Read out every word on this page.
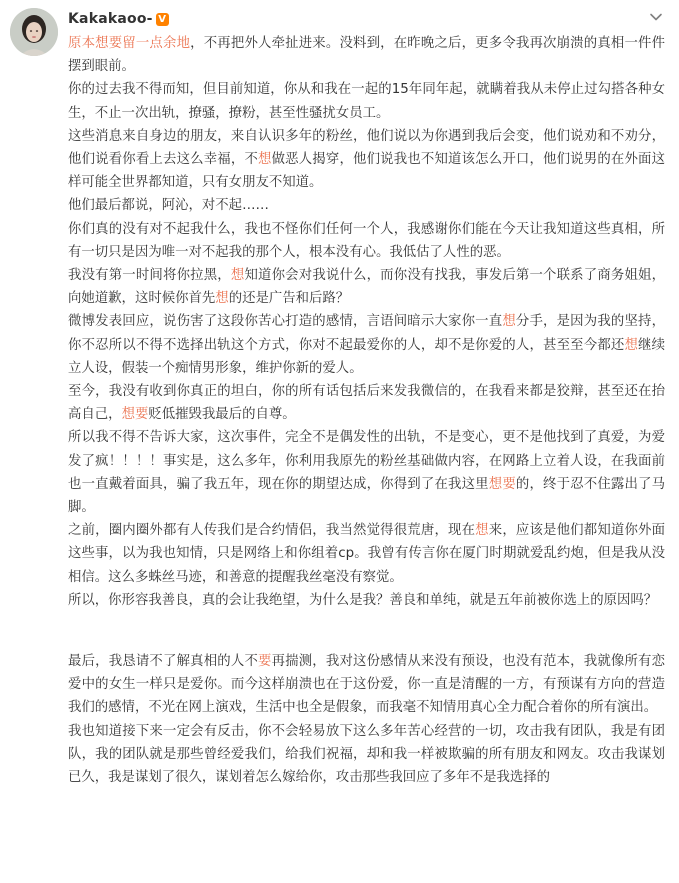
Kakakaoo- V

原本想要留一点余地，不再把外人牵扯进来。没料到，在昨晚之后，更多令我再次崩溃的真相一件件摆到眼前。

你的过去我不得而知，但目前知道，你从和我在一起的15年同年起，就瞒着我从未停止过勾搭各种女生，不止一次出轨，撩骚，撩粉，甚至性骚扰女员工。

这些消息来自身边的朋友，来自认识多年的粉丝，他们说以为你遇到我后会变，他们说劝和不劝分，他们说看你看上去这么幸福，不想做恶人揭穿，他们说我也不知道该怎么开口，他们说男的在外面这样可能全世界都知道，只有女朋友不知道。

他们最后都说，阿沁，对不起……

你们真的没有对不起我什么，我也不怪你们任何一个人，我感谢你们能在今天让我知道这些真相，所有一切只是因为唯一对不起我的那个人，根本没有心。我低估了人性的恶。

我没有第一时间将你拉黑，想知道你会对我说什么，而你没有找我，事发后第一个联系了商务姐姐，向她道歉，这时候你首先想的还是广告和后路？

微博发表回应，说伤害了这段你苦心打造的感情，言语间暗示大家你一直想分手，是因为我的坚持，你不忍所以不得不选择出轨这个方式，你对不起最爱你的人，却不是你爱的人，甚至至今都还想继续立人设，假装一个痴情男形象，维护你新的爱人。

至今，我没有收到你真正的坦白，你的所有话包括后来发我微信的，在我看来都是狡辩，甚至还在抬高自己，想要贬低摧毁我最后的自尊。

所以我不得不告诉大家，这次事件，完全不是偶发性的出轨，不是变心，更不是他找到了真爱，为爱发了疯！！！！事实是，这么多年，你利用我原先的粉丝基础做内容，在网路上立着人设，在我面前也一直戴着面具，骗了我五年，现在你的期望达成，你得到了在我这里想要的，终于忍不住露出了马脚。

之前，圈内圈外都有人传我们是合约情侣，我当然觉得很荒唐，现在想来，应该是他们都知道你外面这些事，以为我也知情，只是网络上和你组着cp。我曾有传言你在厦门时期就爱乱约炮，但是我从没相信。这么多蛛丝马迹，和善意的提醒我丝毫没有察觉。

所以，你形容我善良，真的会让我绝望，为什么是我？善良和单纯，就是五年前被你选上的原因吗？

最后，我恳请不了解真相的人不要再揣测，我对这份感情从来没有预设，也没有范本，我就像所有恋爱中的女生一样只是爱你。而今这样崩溃也在于这份爱，你一直是清醒的一方，有预谋有方向的营造我们的感情，不光在网上演戏，生活中也全是假象，而我毫不知情用真心全力配合着你的所有演出。

我也知道接下来一定会有反击，你不会轻易放下这么多年苦心经营的一切，攻击我有团队，我是有团队，我的团队就是那些曾经爱我们，给我们祝福，却和我一样被欺骗的所有朋友和网友。攻击我谋划已久，我是谋划了很久，谋划着怎么嫁给你，攻击那些我回应了多年不是我选择的
